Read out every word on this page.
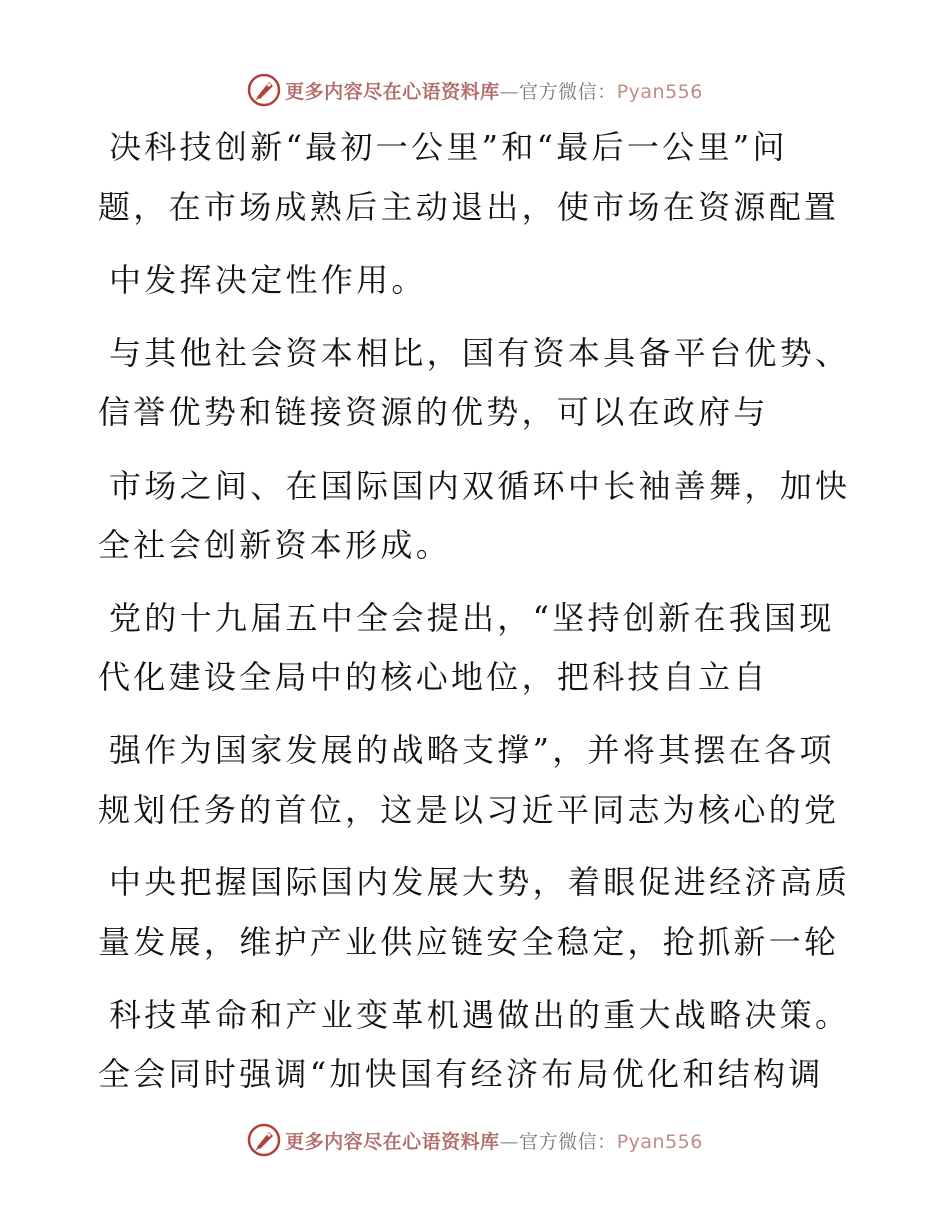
更多内容尽在心语资料库—官方微信：Pyan556
决科技创新“最初一公里”和“最后一公里”问
题，在市场成熟后主动退出，使市场在资源配置
中发挥决定性作用。
与其他社会资本相比，国有资本具备平台优势、
信誉优势和链接资源的优势，可以在政府与
市场之间、在国际国内双循环中长袖善舞，加快
全社会创新资本形成。
党的十九届五中全会提出，“坚持创新在我国现
代化建设全局中的核心地位，把科技自立自
强作为国家发展的战略支撑”，并将其摆在各项
规划任务的首位，这是以习近平同志为核心的党
中央把握国际国内发展大势，着眼促进经济高质
量发展，维护产业供应链安全稳定，抢抓新一轮
科技革命和产业变革机遇做出的重大战略决策。
全会同时强调“加快国有经济布局优化和结构调
更多内容尽在心语资料库—官方微信：Pyan556
